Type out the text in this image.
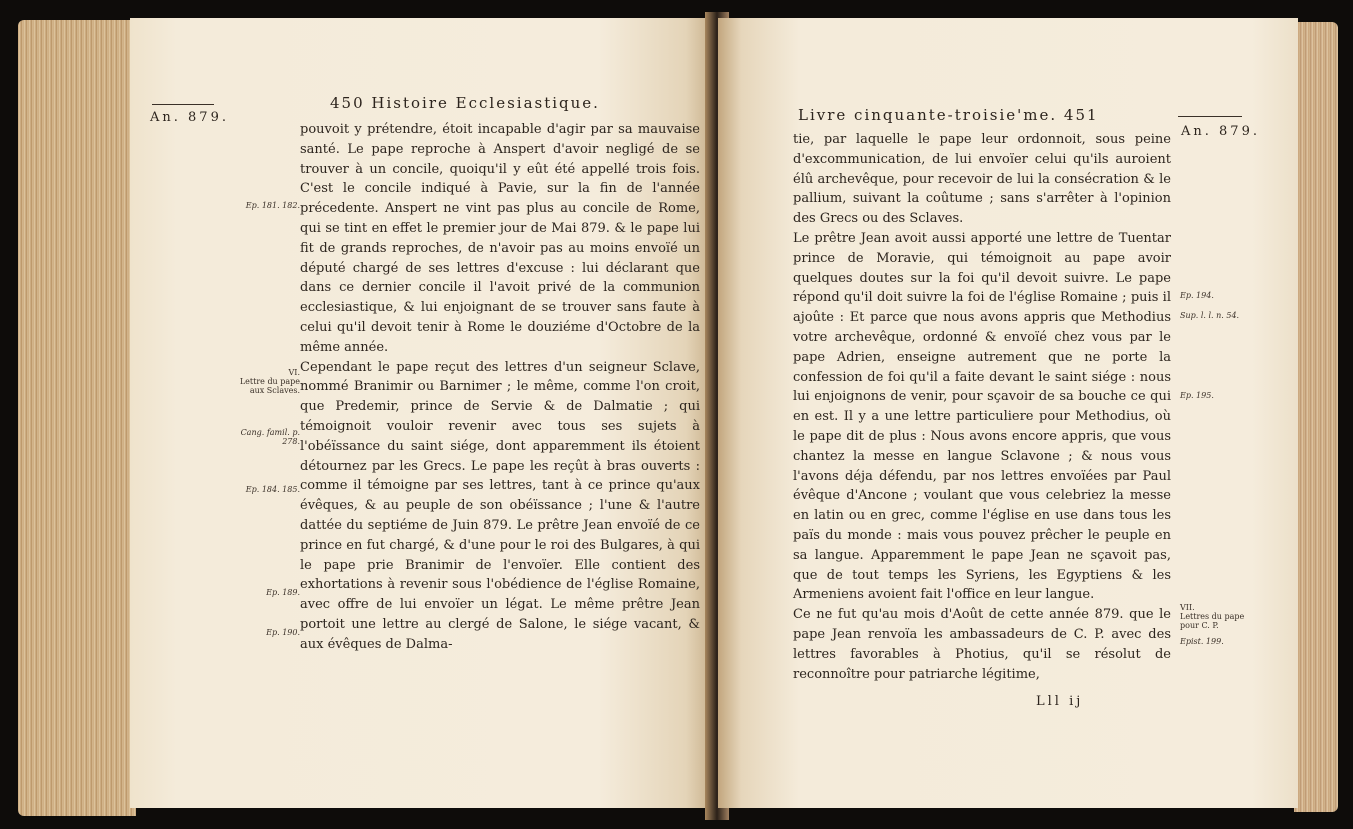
450 Histoire Ecclesiastique.
An. 879.
pouvoit y prétendre, étoit incapable d'agir par sa mauvaise santé. Le pape reproche à Anspert d'avoir negligé de se trouver à un concile, quoiqu'il y eût été appellé trois fois. C'est le concile indiqué à Pavie, sur la fin de l'année précedente. Anspert ne vint pas plus au concile de Rome, qui se tint en effet le premier jour de Mai 879. & le pape lui fit de grands reproches, de n'avoir pas au moins envoïé un député chargé de ses lettres d'excuse : lui déclarant que dans ce dernier concile il l'avoit privé de la communion ecclesiastique, & lui enjoignant de se trouver sans faute à celui qu'il devoit tenir à Rome le douziéme d'Octobre de la même année.
Cependant le pape reçut des lettres d'un seigneur Sclave, nommé Branimir ou Barnimer ; le même, comme l'on croit, que Predemir, prince de Servie & de Dalmatie ; qui témoignoit vouloir revenir avec tous ses sujets à l'obéïssance du saint siége, dont apparemment ils étoient détournez par les Grecs. Le pape les reçût à bras ouverts : comme il témoigne par ses lettres, tant à ce prince qu'aux évêques, & au peuple de son obéïssance ; l'une & l'autre dattée du septiéme de Juin 879. Le prêtre Jean envoïé de ce prince en fut chargé, & d'une pour le roi des Bulgares, à qui le pape prie Branimir de l'envoïer. Elle contient des exhortations à revenir sous l'obédience de l'église Romaine, avec offre de lui envoïer un légat. Le même prêtre Jean portoit une lettre au clergé de Salone, le siége vacant, & aux évêques de Dalma-
Ep. 181. 182.
VI.
Lettre du pape
aux Sclaves.
Cang. famil. p.
278.
Ep. 184. 185.
Ep. 189.
Ep. 190.
Livre cinquante-troisie'me. 451
An. 879.
tie, par laquelle le pape leur ordonnoit, sous peine d'excommunication, de lui envoïer celui qu'ils auroient élû archevêque, pour recevoir de lui la consécration & le pallium, suivant la coûtume ; sans s'arrêter à l'opinion des Grecs ou des Sclaves.
Le prêtre Jean avoit aussi apporté une lettre de Tuentar prince de Moravie, qui témoignoit au pape avoir quelques doutes sur la foi qu'il devoit suivre. Le pape répond qu'il doit suivre la foi de l'église Romaine ; puis il ajoûte : Et parce que nous avons appris que Methodius votre archevêque, ordonné & envoïé chez vous par le pape Adrien, enseigne autrement que ne porte la confession de foi qu'il a faite devant le saint siége : nous lui enjoignons de venir, pour sçavoir de sa bouche ce qui en est. Il y a une lettre particuliere pour Methodius, où le pape dit de plus : Nous avons encore appris, que vous chantez la messe en langue Sclavone ; & nous vous l'avons déja défendu, par nos lettres envoïées par Paul évêque d'Ancone ; voulant que vous celebriez la messe en latin ou en grec, comme l'église en use dans tous les païs du monde : mais vous pouvez prêcher le peuple en sa langue. Apparemment le pape Jean ne sçavoit pas, que de tout temps les Syriens, les Egyptiens & les Armeniens avoient fait l'office en leur langue.
Ce ne fut qu'au mois d'Août de cette année 879. que le pape Jean renvoïa les ambassadeurs de C. P. avec des lettres favorables à Photius, qu'il se résolut de reconnoître pour patriarche légitime,
Ep. 194.
Sup. l. l. n. 54.
Ep. 195.
VII.
Lettres du pape
pour C. P.
Epist. 199.
Lll ij
